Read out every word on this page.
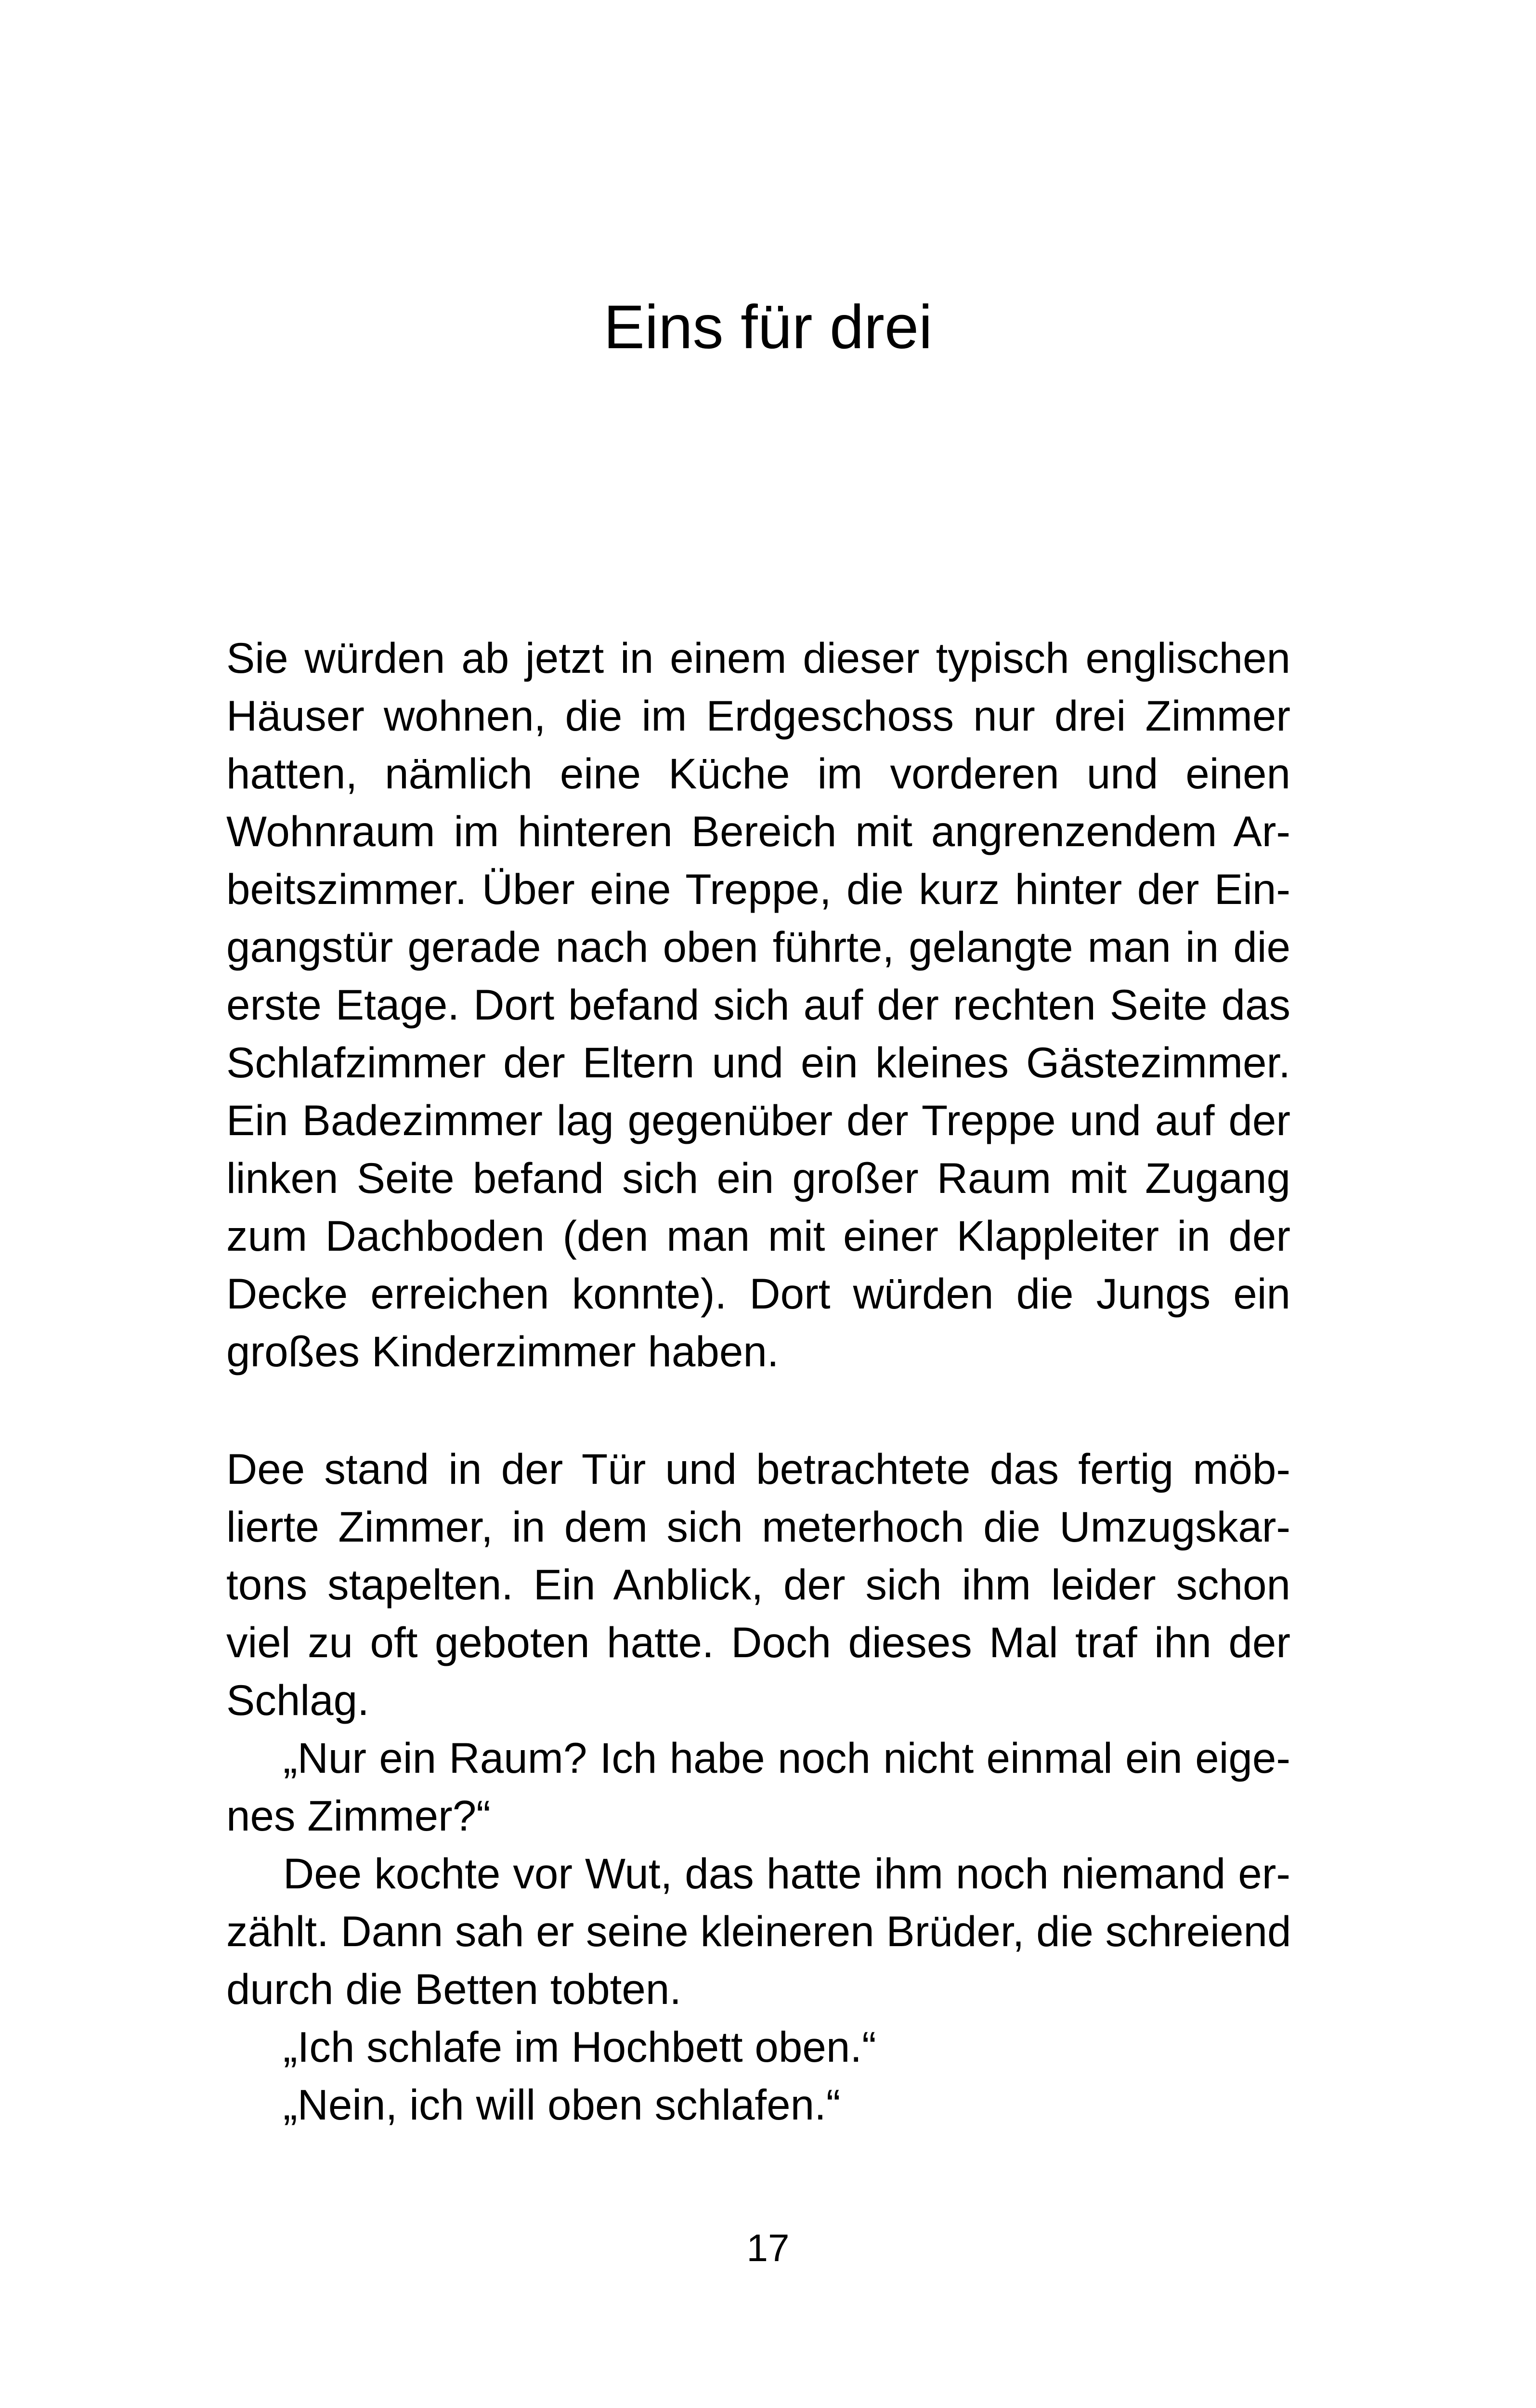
Eins für drei
Sie würden ab jetzt in einem dieser typisch englischen
Häuser wohnen, die im Erdgeschoss nur drei Zimmer
hatten, nämlich eine Küche im vorderen und einen
Wohnraum im hinteren Bereich mit angrenzendem Ar-
beitszimmer. Über eine Treppe, die kurz hinter der Ein-
gangstür gerade nach oben führte, gelangte man in die
erste Etage. Dort befand sich auf der rechten Seite das
Schlafzimmer der Eltern und ein kleines Gästezimmer.
Ein Badezimmer lag gegenüber der Treppe und auf der
linken Seite befand sich ein großer Raum mit Zugang
zum Dachboden (den man mit einer Klappleiter in der
Decke erreichen konnte). Dort würden die Jungs ein
großes Kinderzimmer haben.
Dee stand in der Tür und betrachtete das fertig möb-
lierte Zimmer, in dem sich meterhoch die Umzugskar-
tons stapelten. Ein Anblick, der sich ihm leider schon
viel zu oft geboten hatte. Doch dieses Mal traf ihn der
Schlag.
„Nur ein Raum? Ich habe noch nicht einmal ein eige-
nes Zimmer?“
Dee kochte vor Wut, das hatte ihm noch niemand er-
zählt. Dann sah er seine kleineren Brüder, die schreiend
durch die Betten tobten.
„Ich schlafe im Hochbett oben.“
„Nein, ich will oben schlafen.“
17
